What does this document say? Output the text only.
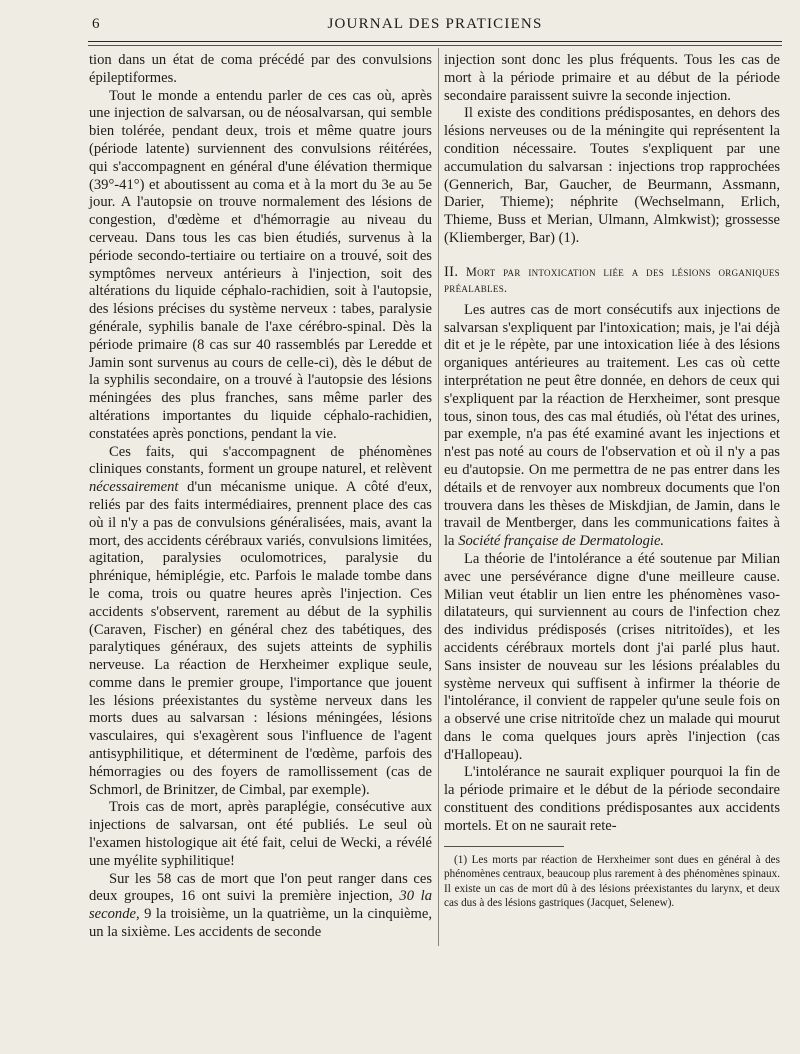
6	JOURNAL DES PRATICIENS

tion dans un état de coma précédé par des convulsions épileptiformes.

Tout le monde a entendu parler de ces cas où, après une injection de salvarsan, ou de néosalvarsan, qui semble bien tolérée, pendant deux, trois et même quatre jours (période latente) surviennent des convulsions réitérées, qui s'accompagnent en général d'une élévation thermique (39°-41°) et aboutissent au coma et à la mort du 3e au 5e jour. A l'autopsie on trouve normalement des lésions de congestion, d'œdème et d'hémorragie au niveau du cerveau. Dans tous les cas bien étudiés, survenus à la période secondo-tertiaire ou tertiaire on a trouvé, soit des symptômes nerveux antérieurs à l'injection, soit des altérations du liquide céphalo-rachidien, soit à l'autopsie, des lésions précises du système nerveux : tabes, paralysie générale, syphilis banale de l'axe cérébro-spinal. Dès la période primaire (8 cas sur 40 rassemblés par Leredde et Jamin sont survenus au cours de celle-ci), dès le début de la syphilis secondaire, on a trouvé à l'autopsie des lésions méningées des plus franches, sans même parler des altérations importantes du liquide céphalo-rachidien, constatées après ponctions, pendant la vie.

Ces faits, qui s'accompagnent de phénomènes cliniques constants, forment un groupe naturel, et relèvent nécessairement d'un mécanisme unique. A côté d'eux, reliés par des faits intermédiaires, prennent place des cas où il n'y a pas de convulsions généralisées, mais, avant la mort, des accidents cérébraux variés, convulsions limitées, agitation, paralysies oculomotrices, paralysie du phrénique, hémiplégie, etc. Parfois le malade tombe dans le coma, trois ou quatre heures après l'injection. Ces accidents s'observent, rarement au début de la syphilis (Caraven, Fischer) en général chez des tabétiques, des paralytiques généraux, des sujets atteints de syphilis nerveuse. La réaction de Herxheimer explique seule, comme dans le premier groupe, l'importance que jouent les lésions préexistantes du système nerveux dans les morts dues au salvarsan : lésions méningées, lésions vasculaires, qui s'exagèrent sous l'influence de l'agent antisyphilitique, et déterminent de l'œdème, parfois des hémorragies ou des foyers de ramollissement (cas de Schmorl, de Brinitzer, de Cimbal, par exemple).

Trois cas de mort, après paraplégie, consécutive aux injections de salvarsan, ont été publiés. Le seul où l'examen histologique ait été fait, celui de Wecki, a révélé une myélite syphilitique!

Sur les 58 cas de mort que l'on peut ranger dans ces deux groupes, 16 ont suivi la première injection, 30 la seconde, 9 la troisième, un la quatrième, un la cinquième, un la sixième. Les accidents de seconde

injection sont donc les plus fréquents. Tous les cas de mort à la période primaire et au début de la période secondaire paraissent suivre la seconde injection.

Il existe des conditions prédisposantes, en dehors des lésions nerveuses ou de la méningite qui représentent la condition nécessaire. Toutes s'expliquent par une accumulation du salvarsan : injections trop rapprochées (Gennerich, Bar, Gaucher, de Beurmann, Assmann, Darier, Thieme); néphrite (Wechselmann, Erlich, Thieme, Buss et Merian, Ulmann, Almkwist); grossesse (Kliemberger, Bar) (1).

II. Mort par intoxication liée a des lésions organiques préalables.

Les autres cas de mort consécutifs aux injections de salvarsan s'expliquent par l'intoxication; mais, je l'ai déjà dit et je le répète, par une intoxication liée à des lésions organiques antérieures au traitement. Les cas où cette interprétation ne peut être donnée, en dehors de ceux qui s'expliquent par la réaction de Herxheimer, sont presque tous, sinon tous, des cas mal étudiés, où l'état des urines, par exemple, n'a pas été examiné avant les injections et n'est pas noté au cours de l'observation et où il n'y a pas eu d'autopsie. On me permettra de ne pas entrer dans les détails et de renvoyer aux nombreux documents que l'on trouvera dans les thèses de Miskdjian, de Jamin, dans le travail de Mentberger, dans les communications faites à la Société française de Dermatologie.

La théorie de l'intolérance a été soutenue par Milian avec une persévérance digne d'une meilleure cause. Milian veut établir un lien entre les phénomènes vaso-dilatateurs, qui surviennent au cours de l'infection chez des individus prédisposés (crises nitritoïdes), et les accidents cérébraux mortels dont j'ai parlé plus haut. Sans insister de nouveau sur les lésions préalables du système nerveux qui suffisent à infirmer la théorie de l'intolérance, il convient de rappeler qu'une seule fois on a observé une crise nitritoïde chez un malade qui mourut dans le coma quelques jours après l'injection (cas d'Hallopeau).

L'intolérance ne saurait expliquer pourquoi la fin de la période primaire et le début de la période secondaire constituent des conditions prédisposantes aux accidents mortels. Et on ne saurait rete-

(1) Les morts par réaction de Herxheimer sont dues en général à des phénomènes centraux, beaucoup plus rarement à des phénomènes spinaux. Il existe un cas de mort dû à des lésions préexistantes du larynx, et deux cas dus à des lésions gastriques (Jacquet, Selenew).
